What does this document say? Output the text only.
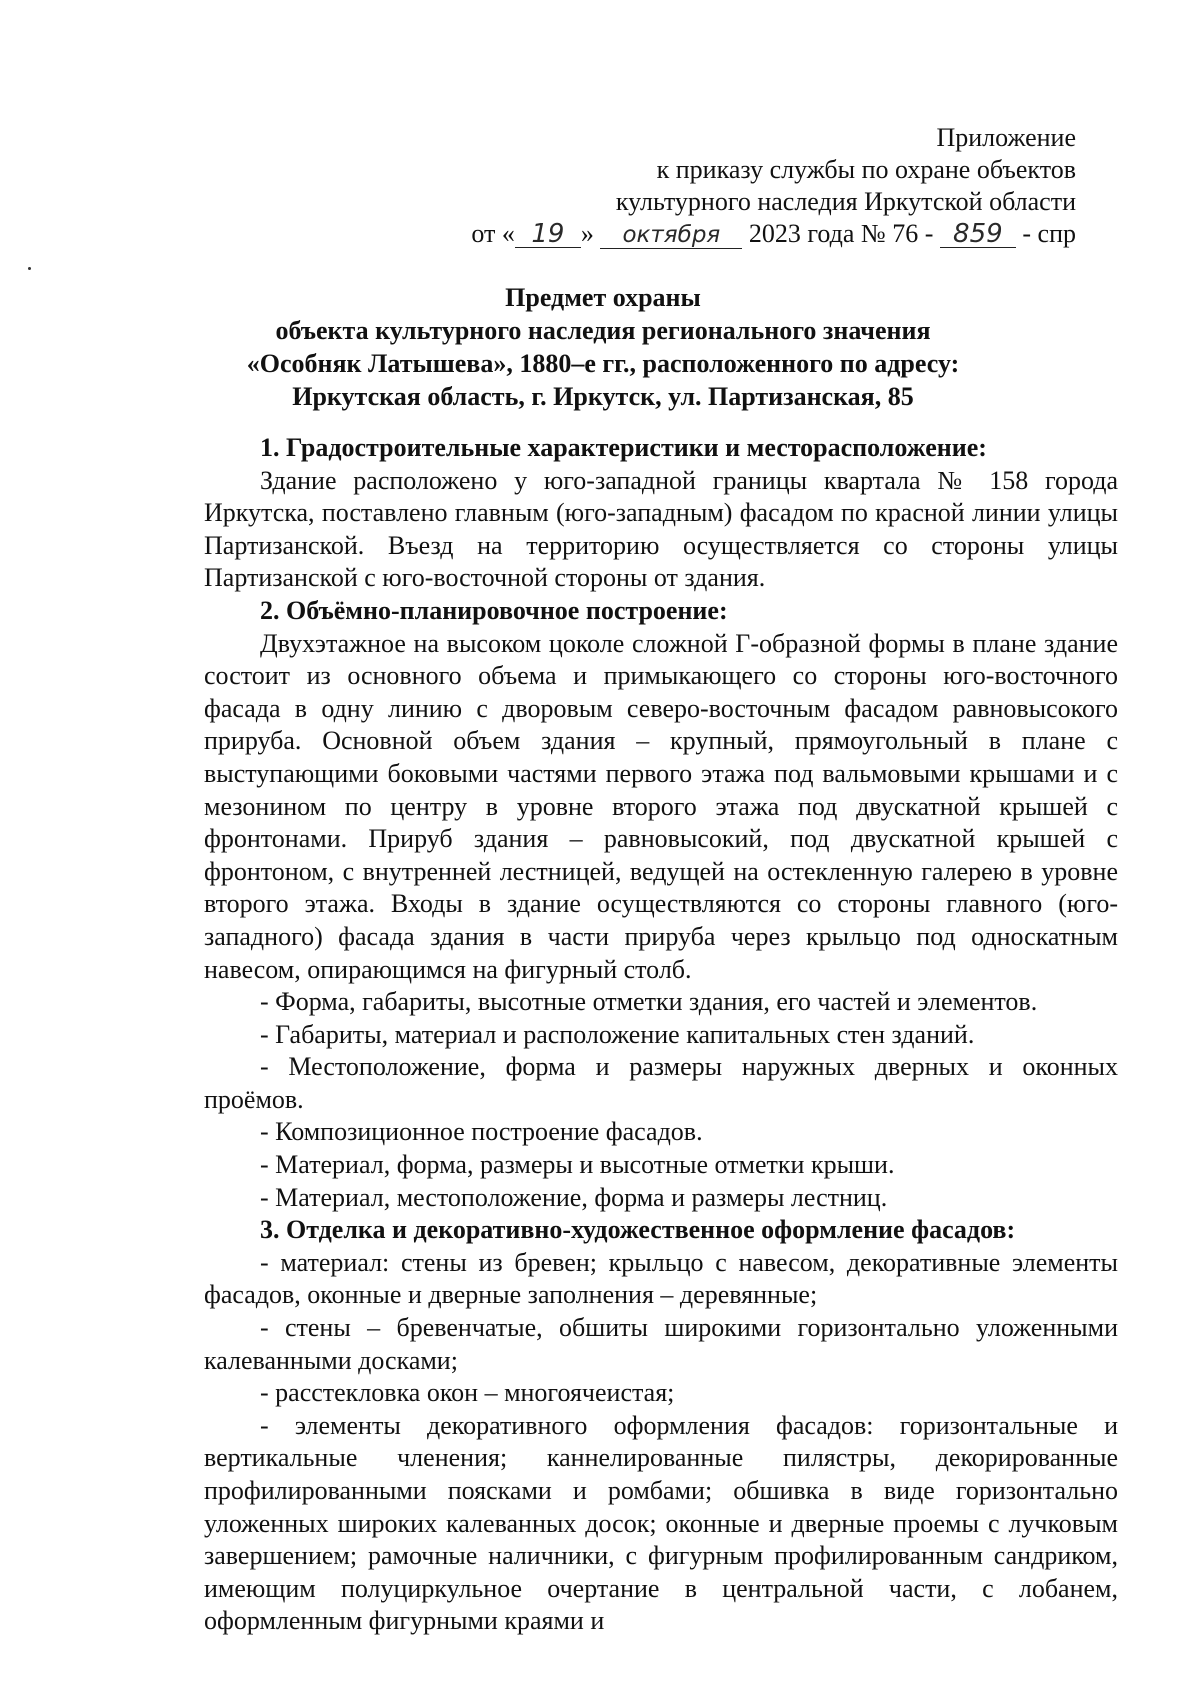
Приложение
к приказу службы по охране объектов
культурного наследия Иркутской области
от « 19 » октября 2023 года № 76 - 859 - спр
Предмет охраны
объекта культурного наследия регионального значения
«Особняк Латышева», 1880–е гг., расположенного по адресу:
Иркутская область, г. Иркутск, ул. Партизанская, 85

1. Градостроительные характеристики и месторасположение:

Здание расположено у юго-западной границы квартала № 158 города Иркутска, поставлено главным (юго-западным) фасадом по красной линии улицы Партизанской. Въезд на территорию осуществляется со стороны улицы Партизанской с юго-восточной стороны от здания.

2. Объёмно-планировочное построение:

Двухэтажное на высоком цоколе сложной Г-образной формы в плане здание состоит из основного объема и примыкающего со стороны юго-восточного фасада в одну линию с дворовым северо-восточным фасадом равновысокого прируба. Основной объем здания – крупный, прямоугольный в плане с выступающими боковыми частями первого этажа под вальмовыми крышами и с мезонином по центру в уровне второго этажа под двускатной крышей с фронтонами. Прируб здания – равновысокий, под двускатной крышей с фронтоном, с внутренней лестницей, ведущей на остекленную галерею в уровне второго этажа. Входы в здание осуществляются со стороны главного (юго-западного) фасада здания в части прируба через крыльцо под односкатным навесом, опирающимся на фигурный столб.

- Форма, габариты, высотные отметки здания, его частей и элементов.

- Габариты, материал и расположение капитальных стен зданий.

- Местоположение, форма и размеры наружных дверных и оконных проёмов.

- Композиционное построение фасадов.

- Материал, форма, размеры и высотные отметки крыши.

- Материал, местоположение, форма и размеры лестниц.

3. Отделка и декоративно-художественное оформление фасадов:

- материал: стены из бревен; крыльцо с навесом, декоративные элементы фасадов, оконные и дверные заполнения – деревянные;

- стены – бревенчатые, обшиты широкими горизонтально уложенными калеванными досками;

- расстекловка окон – многоячеистая;

- элементы декоративного оформления фасадов: горизонтальные и вертикальные членения; каннелированные пилястры, декорированные профилированными поясками и ромбами; обшивка в виде горизонтально уложенных широких калеванных досок; оконные и дверные проемы с лучковым завершением; рамочные наличники, с фигурным профилированным сандриком, имеющим полуциркульное очертание в центральной части, с лобанем, оформленным фигурными краями и
